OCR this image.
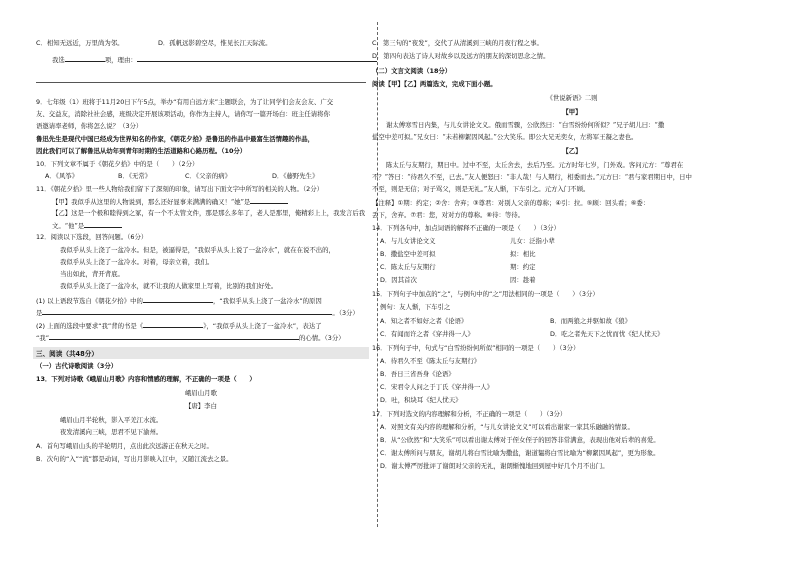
C．相知无远近，万里尚为邻。	D．孤帆远影碧空尽，惟见长江天际流。
我选	项，理由：
9．七年级（1）班将于11月20日下午5点，举办“有用自远方来”主题联会，为了让同学们会友会友、广交
友、交益友，消除社社会感，班级决定开展该项活动，你作为主持人，请你写一篇开场白：班主任请将你
语邀请率老师，你将怎么说？（3分）
鲁迅先生是现代中国已经成为世界知名的作家，《朝花夕拾》是鲁迅的作品中最富生活情趣的作品，
因此我们可以了解鲁迅从幼年到青年时期的生活道路和心路历程。（10分）
10．下列文章不属于《朝花夕拾》中的是（　　）（2分）
A．《风筝》	B．《无常》	C．《父亲的病》	D．《藤野先生》
11．《朝花夕拾》里一些人物给我们留下了深刻的印象，请写出下面文字中所写的相关的人物。（2分）
【甲】我似乎从这里的人物说到，那么还好显事来满满的确又！“她”是
【乙】这是一个极和睦得到之冢，有一个不太管文件，那是那么多年了，老人是那里，俺精彩上上，我发言后我
文。“他”是
12．阅读以下选段，回答问题。（6分）
我似乎从头上浇了一盆冷水。但是，被逼得是，“我似乎从头上说了一盆冷水”，就在在说不出的，
我似乎从头上浇了一盆冷水。对着，母亲立着，我们。
当出如此，背开背底。
我似乎从头上浇了一盆冷水，就不让我的人做家里上写着，比别的我们好处。
(1) 以上语段节选自《朝花夕拾》中的	，“我似乎从头上浇了一盆冷水”的原因
是	。（3分）
(2) 上面的选段中要求“我”背的书是《	》，“我似乎从头上浇了一盆冷水”，表达了
“我”	的心情。（3分）
三、阅读（共48分）
（一）古代诗歌阅读（3分）
13．下列对诗歌《峨眉山月歌》内容和情感的理解，不正确的一项是（　　）
峨眉山月歌
【唐】李白
峨眉山月半轮秋，影入平羌江水流。
夜发清溪向三峡，思君不见下渝州。
A．首句写峨眉山头的半轮明月，点出此次远游正在秋天之时。
B．次句的“入”“流”都是动词，写出月影映入江中，又随江流去之景。
C．第三句的“夜发”，交代了从清溪到三峡的月夜行程之事。
D．第四句表达了诗人对故乡以及远方的朋友的深切思念之情。
（二）文言文阅读（18分）
阅读【甲】【乙】两篇选文，完成下面小题。
《世说新语》二则
【甲】
谢太傅寒雪日内集，与儿女讲论文义。俄而雪骤，公欣然曰：“白雪纷纷何所似？”兄子胡儿曰：“撒
盐空中差可拟。”兄女曰：“未若柳絮因风起。”公大笑乐。即公大兄无奕女，左将军王凝之妻也。
【乙】
陈太丘与友期行，期日中。过中不至，太丘舍去，去后乃至。元方时年七岁，门外戏。客问元方：“尊君在
不？”答曰：“待君久不至，已去。”友人便怒曰：“非人哉！与人期行，相委而去。”元方曰：“君与家君期日中，日中
不至，则是无信；对子骂父，则是无礼。”友人惭，下车引之。元方入门不顾。
【注释】①期：约定；②舍：舍弃；③尊君：对别人父亲的尊称；④引：拉。⑤顾：回头看；⑥委：
丢下，舍弃。⑦君：您，对对方的尊称。⑧待：等待。
14．下列各句中，加点词语的解释不正确的一项是（　　）（3分）
A．与儿女讲论文义	儿女：泛指小辈
B．撒盐空中差可拟	拟：相比
C．陈太丘与友期行	期：约定
D．因其首次	因：趁着
15．下列句子中加点的“之”，与例句中的“之”用法相同的一项是（　　）（3分）
例句：友人惭，下车引之
A．知之者不如好之者《论语》	B．而两狼之并驱如故《狼》
C．有闻而许之者《穿井得一人》	D．吃之者先天下之忧而忧《纪人忧天》
16．下列句子中，句式与“白雪纷纷何所似”相同的一项是（　　）（3分）
A．待君久不至《陈太丘与友期行》
B．吾日三省吾身《论语》
C．宋君令人问之于丁氏《穿井得一人》
D．吐，积块耳《纪人忧天》
17．下列对选文的内容理解和分析，不正确的一项是（　　）（3分）
A．对照文有关内容的理解和分析，“与儿女讲论文义”可以看出谢家一家其乐融融的情景。
B．从“公欣然”和“大笑乐”可以看出谢太傅对于侄女侄子的回答非常满意，表现出他对后辈的喜爱。
C．谢太傅所问与朋友，谢胡儿将白雪比喻为撒盐，谢道韫将白雪比喻为“柳絮因风起”，更为形象。
D．谢太傅严厉批评了谢朗对父亲的无礼，谢朗惭愧地回到屋中好几个月不出门。
